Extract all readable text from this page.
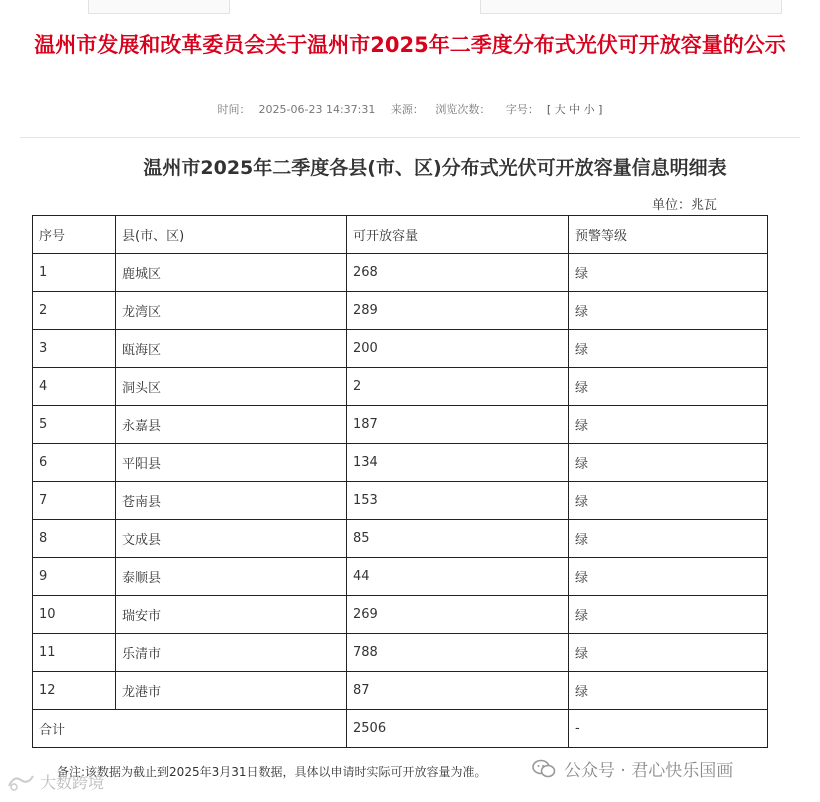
温州市发展和改革委员会关于温州市2025年二季度分布式光伏可开放容量的公示
时间： 2025-06-23 14:37:31 来源： 浏览次数： 字号： [ 大 中 小 ]
温州市2025年二季度各县(市、区)分布式光伏可开放容量信息明细表
单位：兆瓦
序号	县(市、区)	可开放容量	预警等级
1	鹿城区	268	绿
2	龙湾区	289	绿
3	瓯海区	200	绿
4	洞头区	2	绿
5	永嘉县	187	绿
6	平阳县	134	绿
7	苍南县	153	绿
8	文成县	85	绿
9	泰顺县	44	绿
10	瑞安市	269	绿
11	乐清市	788	绿
12	龙港市	87	绿
合计		2506	-
备注:该数据为截止到2025年3月31日数据，具体以申请时实际可开放容量为准。	公众号 · 君心快乐国画
大数跨境
